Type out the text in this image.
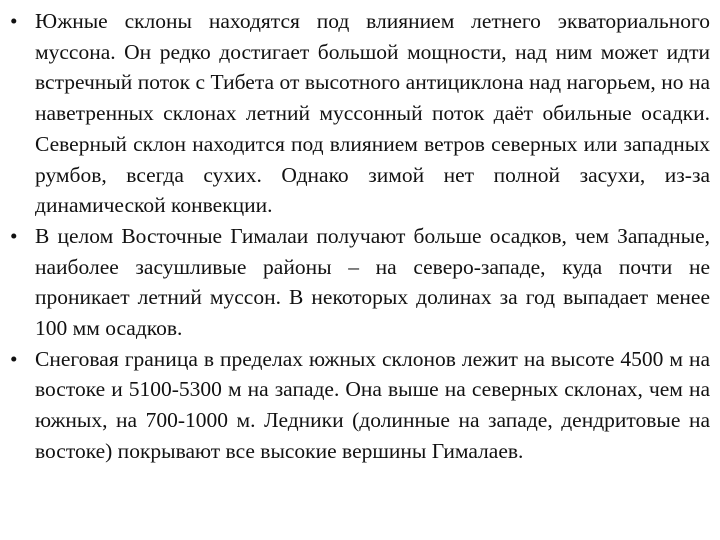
• Южные склоны находятся под влиянием летнего экваториального муссона. Он редко достигает большой мощности, над ним может идти встречный поток с Тибета от высотного антициклона над нагорьем, но на наветренных склонах летний муссонный поток даёт обильные осадки. Северный склон находится под влиянием ветров северных или западных румбов, всегда сухих. Однако зимой нет полной засухи, из-за динамической конвекции.
• В целом Восточные Гималаи получают больше осадков, чем Западные, наиболее засушливые районы – на северо-западе, куда почти не проникает летний муссон. В некоторых долинах за год выпадает менее 100 мм осадков.
• Снеговая граница в пределах южных склонов лежит на высоте 4500 м на востоке и 5100-5300 м на западе. Она выше на северных склонах, чем на южных, на 700-1000 м. Ледники (долинные на западе, дендритовые на востоке) покрывают все высокие вершины Гималаев.
